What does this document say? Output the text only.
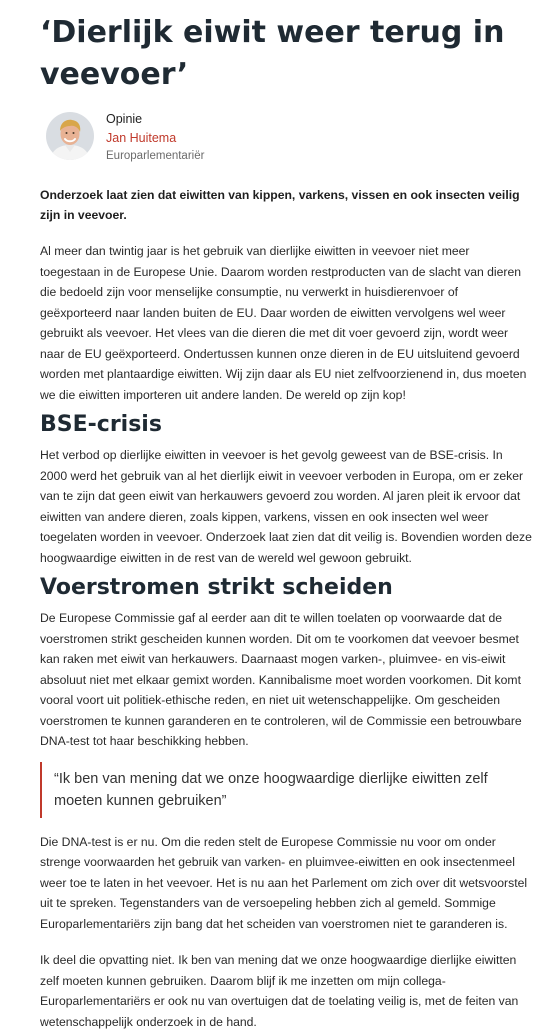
‘Dierlijk eiwit weer terug in veevoer’
Opinie
Jan Huitema
Europarlementariër

Onderzoek laat zien dat eiwitten van kippen, varkens, vissen en ook insecten veilig zijn in veevoer.

Al meer dan twintig jaar is het gebruik van dierlijke eiwitten in veevoer niet meer toegestaan in de Europese Unie. Daarom worden restproducten van de slacht van dieren die bedoeld zijn voor menselijke consumptie, nu verwerkt in huisdierenvoer of geëxporteerd naar landen buiten de EU. Daar worden de eiwitten vervolgens wel weer gebruikt als veevoer. Het vlees van die dieren die met dit voer gevoerd zijn, wordt weer naar de EU geëxporteerd. Ondertussen kunnen onze dieren in de EU uitsluitend gevoerd worden met plantaardige eiwitten. Wij zijn daar als EU niet zelfvoorzienend in, dus moeten we die eiwitten importeren uit andere landen. De wereld op zijn kop!

BSE-crisis

Het verbod op dierlijke eiwitten in veevoer is het gevolg geweest van de BSE-crisis. In 2000 werd het gebruik van al het dierlijk eiwit in veevoer verboden in Europa, om er zeker van te zijn dat geen eiwit van herkauwers gevoerd zou worden. Al jaren pleit ik ervoor dat eiwitten van andere dieren, zoals kippen, varkens, vissen en ook insecten wel weer toegelaten worden in veevoer. Onderzoek laat zien dat dit veilig is. Bovendien worden deze hoogwaardige eiwitten in de rest van de wereld wel gewoon gebruikt.

Voerstromen strikt scheiden

De Europese Commissie gaf al eerder aan dit te willen toelaten op voorwaarde dat de voerstromen strikt gescheiden kunnen worden. Dit om te voorkomen dat veevoer besmet kan raken met eiwit van herkauwers. Daarnaast mogen varken-, pluimvee- en vis-eiwit absoluut niet met elkaar gemixt worden. Kannibalisme moet worden voorkomen. Dit komt vooral voort uit politiek-ethische reden, en niet uit wetenschappelijke. Om gescheiden voerstromen te kunnen garanderen en te controleren, wil de Commissie een betrouwbare DNA-test tot haar beschikking hebben.

“Ik ben van mening dat we onze hoogwaardige dierlijke eiwitten zelf moeten kunnen gebruiken”

Die DNA-test is er nu. Om die reden stelt de Europese Commissie nu voor om onder strenge voorwaarden het gebruik van varken- en pluimvee-eiwitten en ook insectenmeel weer toe te laten in het veevoer. Het is nu aan het Parlement om zich over dit wetsvoorstel uit te spreken. Tegenstanders van de versoepeling hebben zich al gemeld. Sommige Europarlementariërs zijn bang dat het scheiden van voerstromen niet te garanderen is.

Ik deel die opvatting niet. Ik ben van mening dat we onze hoogwaardige dierlijke eiwitten zelf moeten kunnen gebruiken. Daarom blijf ik me inzetten om mijn collega-Europarlementariërs er ook nu van overtuigen dat de toelating veilig is, met de feiten van wetenschappelijk onderzoek in de hand.
